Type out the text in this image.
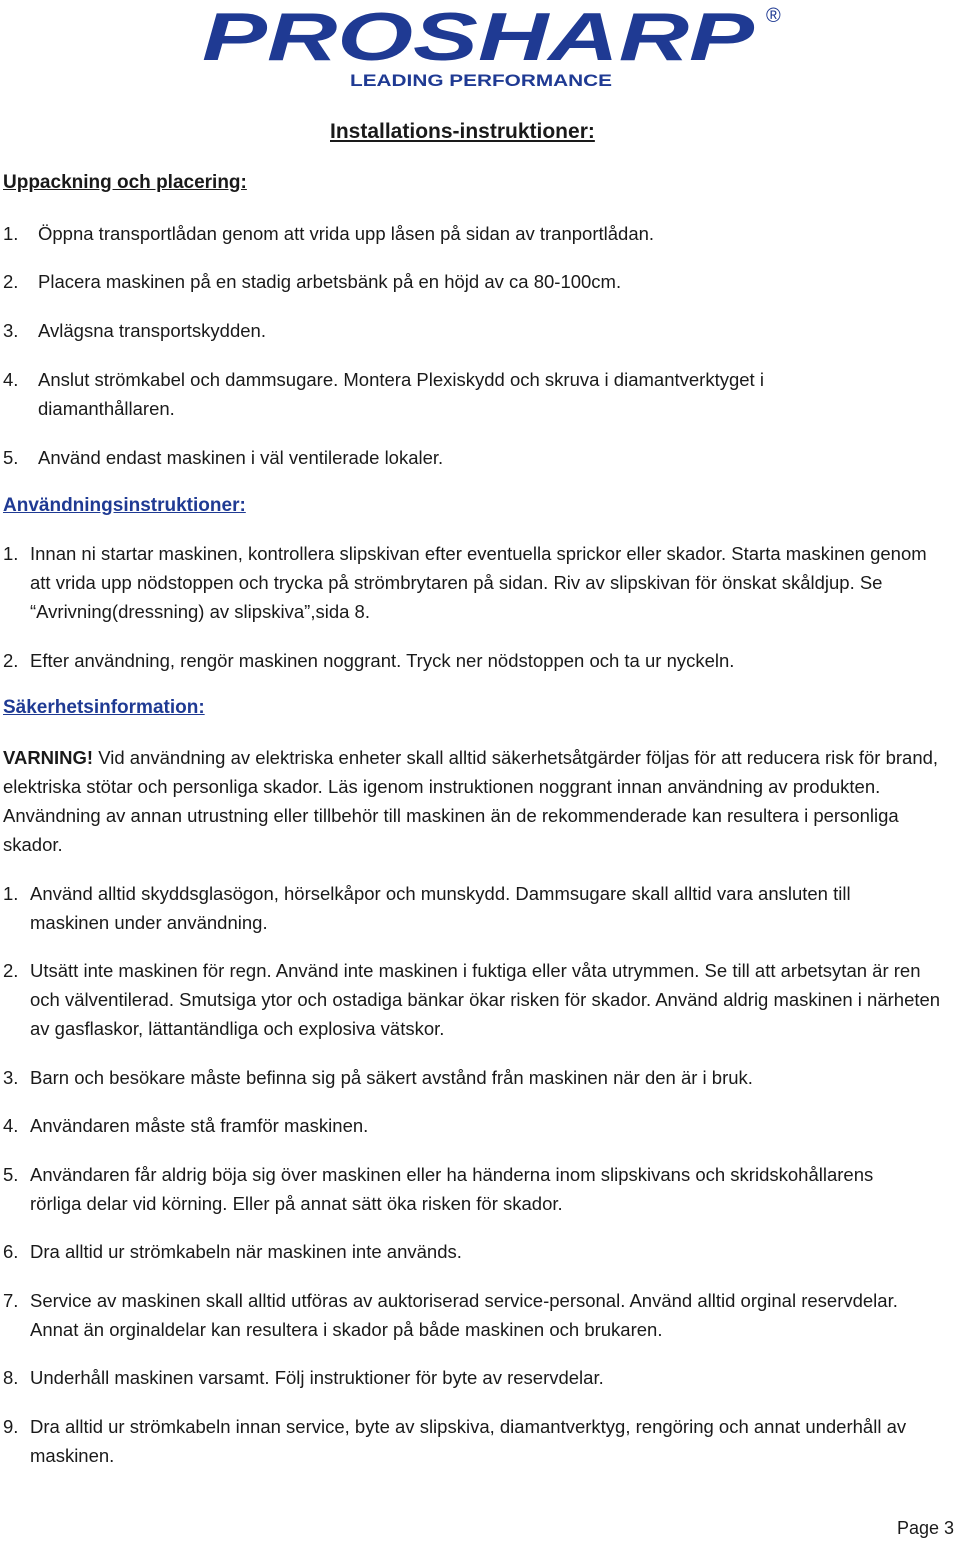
PROSHARP ®
LEADING PERFORMANCE
Installations-instruktioner:
Uppackning och placering:
1. Öppna transportlådan genom att vrida upp låsen på sidan av tranportlådan.
2. Placera maskinen på en stadig arbetsbänk på en höjd av ca 80-100cm.
3. Avlägsna transportskydden.
4. Anslut strömkabel och dammsugare. Montera Plexiskydd och skruva i diamantverktyget i diamanthållaren.
5. Använd endast maskinen i väl ventilerade lokaler.
Användningsinstruktioner:
1. Innan ni startar maskinen, kontrollera slipskivan efter eventuella sprickor eller skador. Starta maskinen genom att vrida upp nödstoppen och trycka på strömbrytaren på sidan. Riv av slipskivan för önskat skåldjup. Se “Avrivning(dressning) av slipskiva”,sida 8.
2. Efter användning, rengör maskinen noggrant. Tryck ner nödstoppen och ta ur nyckeln.
Säkerhetsinformation:
VARNING! Vid användning av elektriska enheter skall alltid säkerhetsåtgärder följas för att reducera risk för brand, elektriska stötar och personliga skador. Läs igenom instruktionen noggrant innan användning av produkten. Användning av annan utrustning eller tillbehör till maskinen än de rekommenderade kan resultera i personliga skador.
1. Använd alltid skyddsglasögon, hörselkåpor och munskydd. Dammsugare skall alltid vara ansluten till maskinen under användning.
2. Utsätt inte maskinen för regn. Använd inte maskinen i fuktiga eller våta utrymmen. Se till att arbetsytan är ren och välventilerad. Smutsiga ytor och ostadiga bänkar ökar risken för skador. Använd aldrig maskinen i närheten av gasflaskor, lättantändliga och explosiva vätskor.
3. Barn och besökare måste befinna sig på säkert avstånd från maskinen när den är i bruk.
4. Användaren måste stå framför maskinen.
5. Användaren får aldrig böja sig över maskinen eller ha händerna inom slipskivans och skridskohållarens rörliga delar vid körning. Eller på annat sätt öka risken för skador.
6. Dra alltid ur strömkabeln när maskinen inte används.
7. Service av maskinen skall alltid utföras av auktoriserad service-personal. Använd alltid orginal reservdelar. Annat än orginaldelar kan resultera i skador på både maskinen och brukaren.
8. Underhåll maskinen varsamt. Följ instruktioner för byte av reservdelar.
9. Dra alltid ur strömkabeln innan service, byte av slipskiva, diamantverktyg, rengöring och annat underhåll av maskinen.
Page 3
